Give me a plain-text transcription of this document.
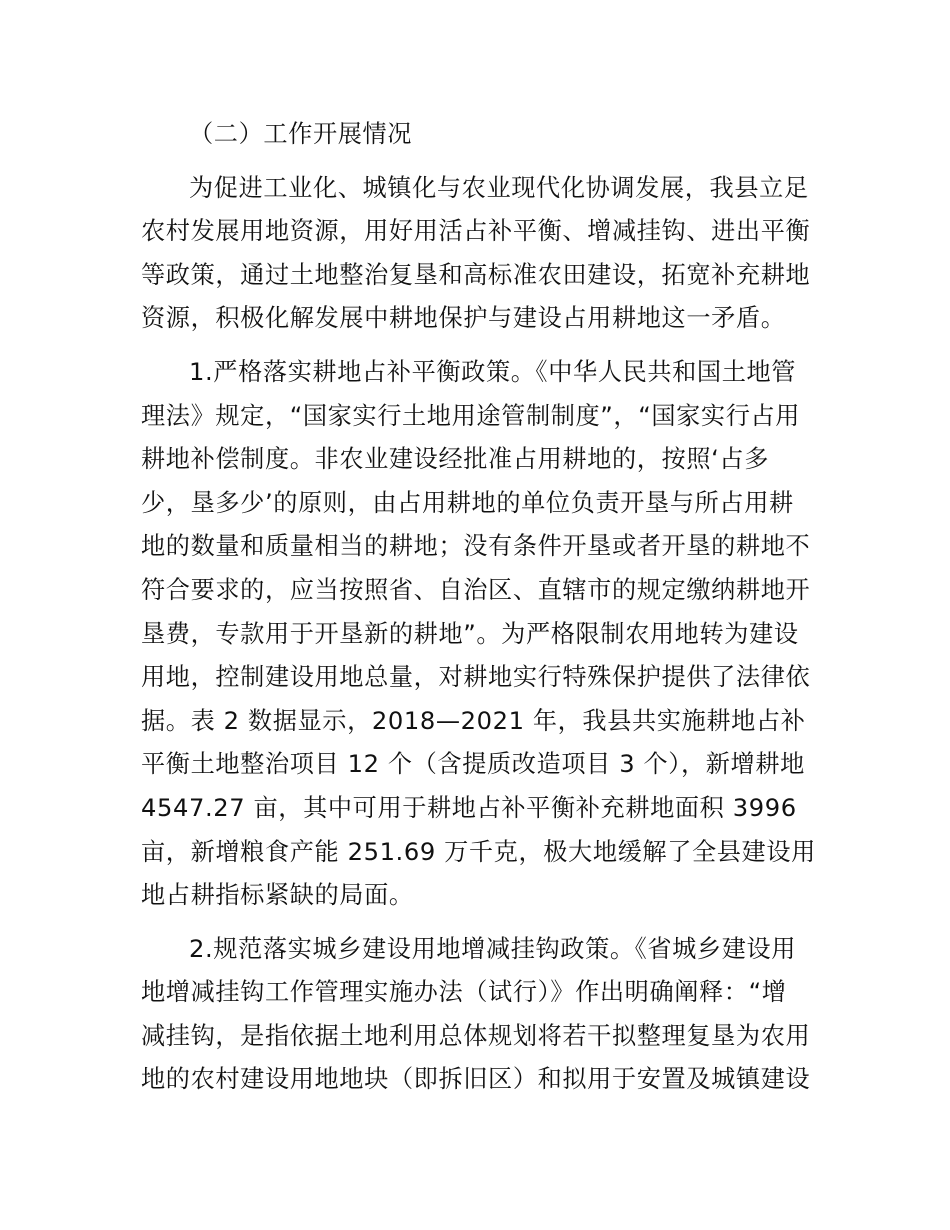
（二）工作开展情况

为促进工业化、城镇化与农业现代化协调发展，我县立足
农村发展用地资源，用好用活占补平衡、增减挂钩、进出平衡
等政策，通过土地整治复垦和高标准农田建设，拓宽补充耕地
资源，积极化解发展中耕地保护与建设占用耕地这一矛盾。

1.严格落实耕地占补平衡政策。《中华人民共和国土地管
理法》规定，“国家实行土地用途管制制度”，“国家实行占用
耕地补偿制度。非农业建设经批准占用耕地的，按照‘占多
少，垦多少’的原则，由占用耕地的单位负责开垦与所占用耕
地的数量和质量相当的耕地；没有条件开垦或者开垦的耕地不
符合要求的，应当按照省、自治区、直辖市的规定缴纳耕地开
垦费，专款用于开垦新的耕地”。为严格限制农用地转为建设
用地，控制建设用地总量，对耕地实行特殊保护提供了法律依
据。表 2 数据显示，2018—2021 年，我县共实施耕地占补
平衡土地整治项目 12 个（含提质改造项目 3 个），新增耕地
4547.27 亩，其中可用于耕地占补平衡补充耕地面积 3996
亩，新增粮食产能 251.69 万千克，极大地缓解了全县建设用
地占耕指标紧缺的局面。

2.规范落实城乡建设用地增减挂钩政策。《省城乡建设用
地增减挂钩工作管理实施办法（试行）》作出明确阐释：“增
减挂钩，是指依据土地利用总体规划将若干拟整理复垦为农用
地的农村建设用地地块（即拆旧区）和拟用于安置及城镇建设
